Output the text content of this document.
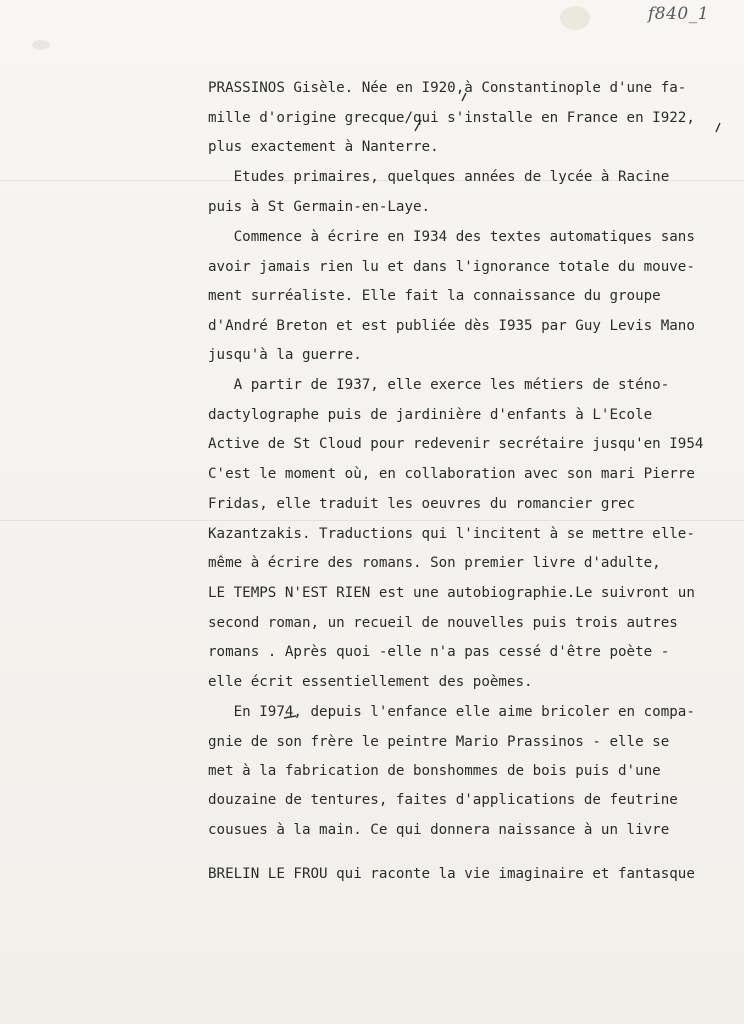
f840_1

PRASSINOS Gisèle. Née en I920,à Constantinople d'une fa-

mille d'origine grecque/qui s'installe en France en I922,

plus exactement à Nanterre.

Etudes primaires, quelques années de lycée à Racine

puis à St Germain-en-Laye.

Commence à écrire en I934 des textes automatiques sans

avoir jamais rien lu et dans l'ignorance totale du mouve-

ment surréaliste. Elle fait la connaissance du groupe

d'André Breton et est publiée dès I935 par Guy Levis Mano

jusqu'à la guerre.

A partir de I937, elle exerce les métiers de sténo-

dactylographe puis de jardinière d'enfants à L'Ecole

Active de St Cloud pour redevenir secrétaire jusqu'en I954

C'est le moment où, en collaboration avec son mari Pierre

Fridas, elle traduit les oeuvres du romancier grec

Kazantzakis. Traductions qui l'incitent à se mettre elle-

même à écrire des romans. Son premier livre d'adulte,

LE TEMPS N'EST RIEN est une autobiographie.Le suivront un

second roman, un recueil de nouvelles puis trois autres

romans . Après quoi -elle n'a pas cessé d'être poète -

elle écrit essentiellement des poèmes.

En I974, depuis l'enfance elle aime bricoler en compa-

gnie de son frère le peintre Mario Prassinos - elle se

met à la fabrication de bonshommes de bois puis d'une

douzaine de tentures, faites d'applications de feutrine

cousues à la main. Ce qui donnera naissance à un livre

BRELIN LE FROU qui raconte la vie imaginaire et fantasque
